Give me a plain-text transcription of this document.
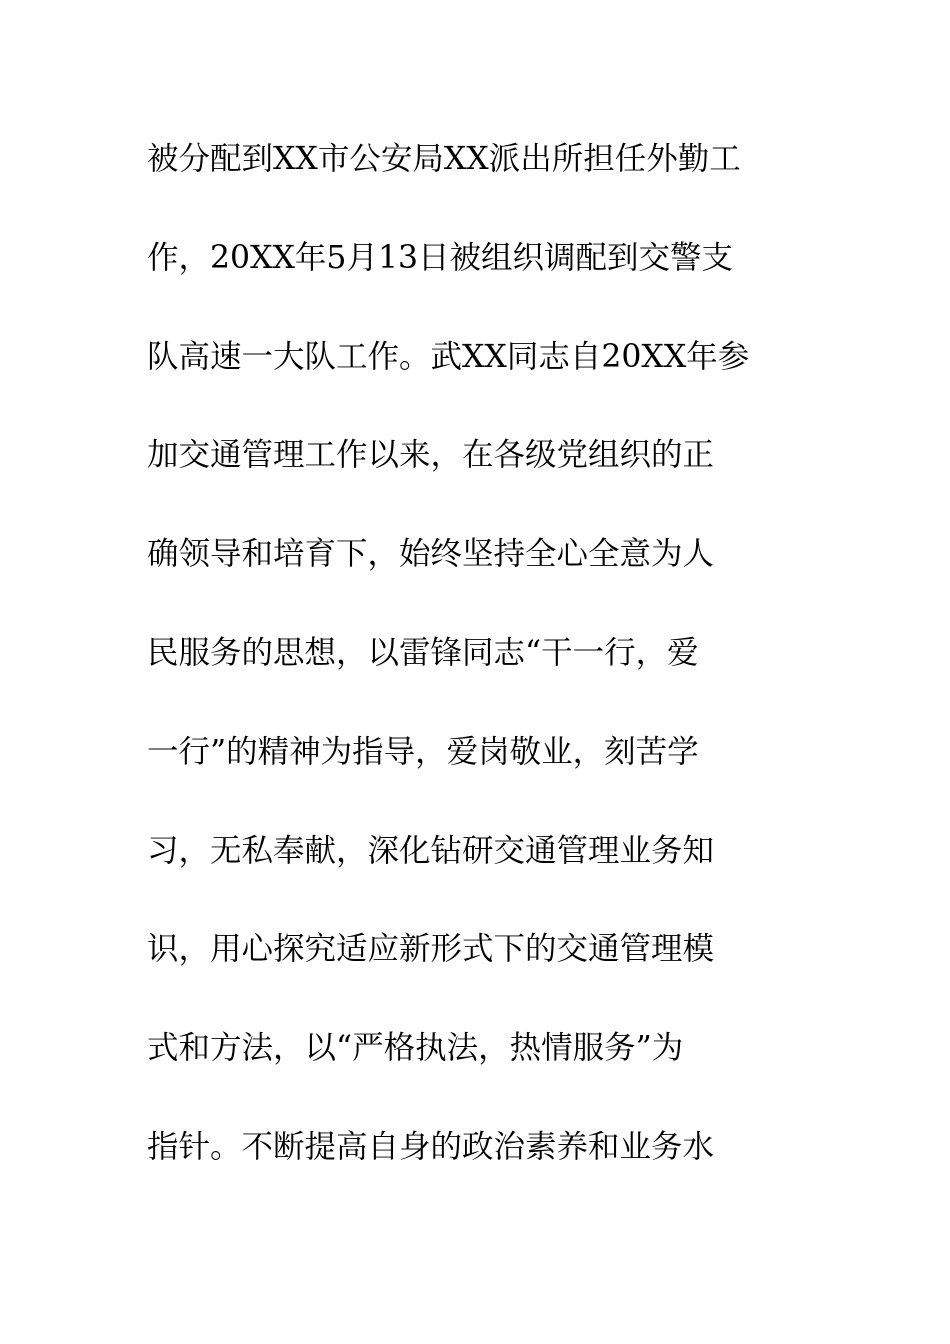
被分配到XX市公安局XX派出所担任外勤工
作，20XX年5月13日被组织调配到交警支
队高速一大队工作。武XX同志自20XX年参
加交通管理工作以来，在各级党组织的正
确领导和培育下，始终坚持全心全意为人
民服务的思想，以雷锋同志“干一行，爱
一行”的精神为指导，爱岗敬业，刻苦学
习，无私奉献，深化钻研交通管理业务知
识，用心探究适应新形式下的交通管理模
式和方法，以“严格执法，热情服务”为
指针。不断提高自身的政治素养和业务水
